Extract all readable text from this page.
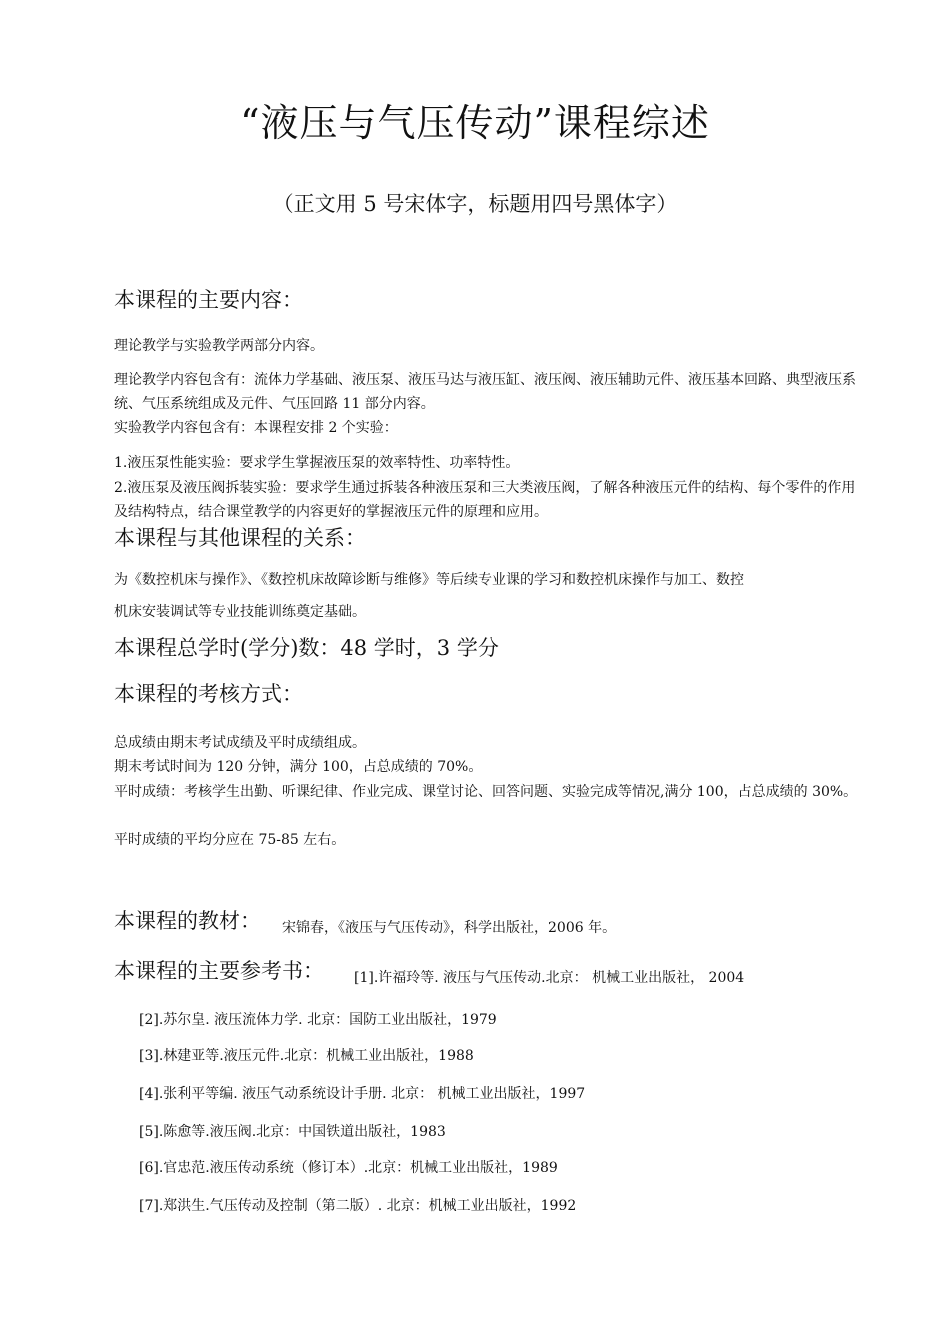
“液压与气压传动”课程综述
（正文用 5 号宋体字，标题用四号黑体字）
本课程的主要内容：
理论教学与实验教学两部分内容。
理论教学内容包含有：流体力学基础、液压泵、液压马达与液压缸、液压阀、液压辅助元件、液压基本回路、典型液压系统、气压系统组成及元件、气压回路 11 部分内容。
实验教学内容包含有：本课程安排 2 个实验：
1.液压泵性能实验：要求学生掌握液压泵的效率特性、功率特性。
2.液压泵及液压阀拆装实验：要求学生通过拆装各种液压泵和三大类液压阀，了解各种液压元件的结构、每个零件的作用及结构特点，结合课堂教学的内容更好的掌握液压元件的原理和应用。
本课程与其他课程的关系：
为《数控机床与操作》、《数控机床故障诊断与维修》等后续专业课的学习和数控机床操作与加工、数控
机床安装调试等专业技能训练奠定基础。
本课程总学时(学分)数：48 学时，3 学分
本课程的考核方式：
总成绩由期末考试成绩及平时成绩组成。
期末考试时间为 120 分钟，满分 100，占总成绩的 70%。
平时成绩：考核学生出勤、听课纪律、作业完成、课堂讨论、回答问题、实验完成等情况,满分 100，占总成绩的 30%。
平时成绩的平均分应在 75-85 左右。
本课程的教材： 宋锦春，《液压与气压传动》，科学出版社，2006 年。
本课程的主要参考书： [1].许福玲等. 液压与气压传动.北京： 机械工业出版社， 2004
[2].苏尔皇. 液压流体力学. 北京：国防工业出版社，1979
[3].林建亚等.液压元件.北京：机械工业出版社，1988
[4].张利平等编. 液压气动系统设计手册. 北京： 机械工业出版社，1997
[5].陈愈等.液压阀.北京：中国铁道出版社，1983
[6].官忠范.液压传动系统（修订本）.北京：机械工业出版社，1989
[7].郑洪生.气压传动及控制（第二版）. 北京：机械工业出版社，1992
